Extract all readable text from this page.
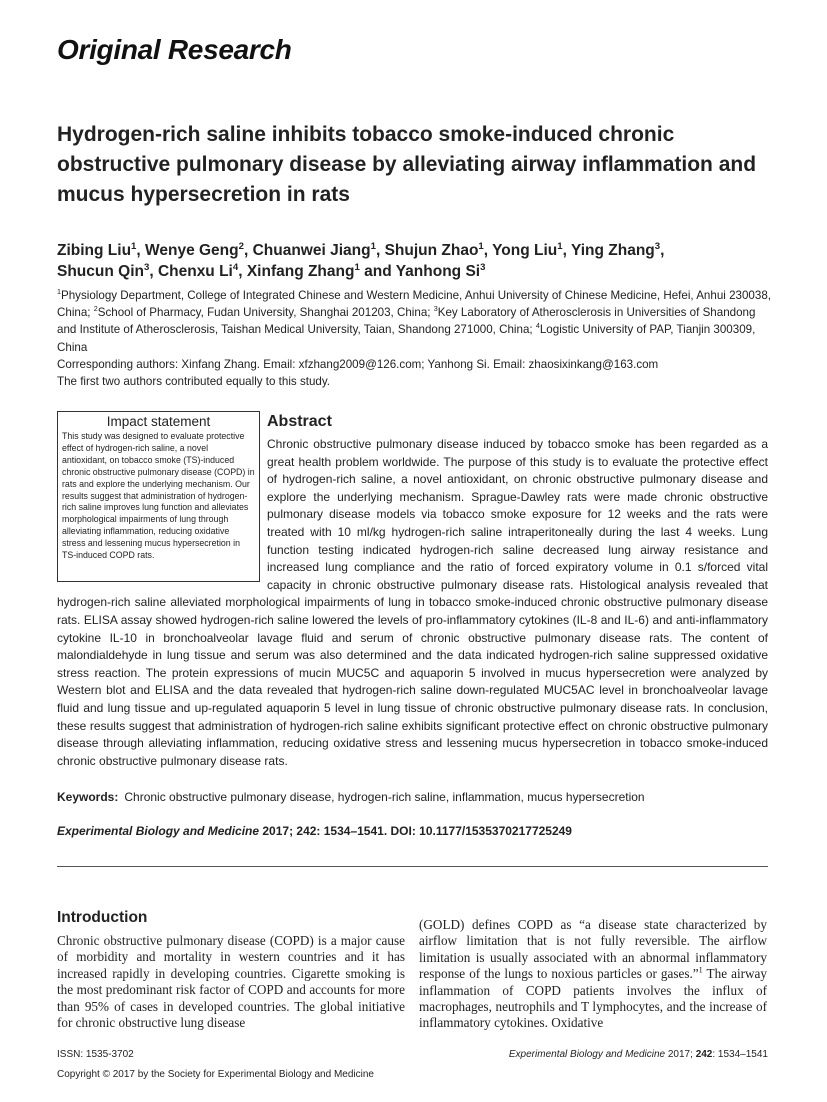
Original Research
Hydrogen-rich saline inhibits tobacco smoke-induced chronic obstructive pulmonary disease by alleviating airway inflammation and mucus hypersecretion in rats
Zibing Liu$^1$, Wenye Geng$^2$, Chuanwei Jiang$^1$, Shujun Zhao$^1$, Yong Liu$^1$, Ying Zhang$^3$,
Shucun Qin$^3$, Chenxu Li$^4$, Xinfang Zhang$^1$ and Yanhong Si$^3$
$^1$Physiology Department, College of Integrated Chinese and Western Medicine, Anhui University of Chinese Medicine, Hefei, Anhui 230038, China; $^2$School of Pharmacy, Fudan University, Shanghai 201203, China; $^3$Key Laboratory of Atherosclerosis in Universities of Shandong and Institute of Atherosclerosis, Taishan Medical University, Taian, Shandong 271000, China; $^4$Logistic University of PAP, Tianjin 300309, China
Corresponding authors: Xinfang Zhang. Email: xfzhang2009@126.com; Yanhong Si. Email: zhaosixinkang@163.com
The first two authors contributed equally to this study.
Impact statement

This study was designed to evaluate protective effect of hydrogen-rich saline, a novel antioxidant, on tobacco smoke (TS)-induced chronic obstructive pulmonary disease (COPD) in rats and explore the underlying mechanism. Our results suggest that administration of hydrogen-rich saline improves lung function and alleviates morphological impairments of lung through alleviating inflammation, reducing oxidative stress and lessening mucus hypersecretion in TS-induced COPD rats.

Abstract

Chronic obstructive pulmonary disease induced by tobacco smoke has been regarded as a great health problem worldwide. The purpose of this study is to evaluate the protective effect of hydrogen-rich saline, a novel antioxidant, on chronic obstructive pulmonary disease and explore the underlying mechanism. Sprague-Dawley rats were made chronic obstructive pulmonary disease models via tobacco smoke exposure for 12 weeks and the rats were treated with 10 ml/kg hydrogen-rich saline intraperitoneally during the last 4 weeks. Lung function testing indicated hydrogen-rich saline decreased lung airway resistance and increased lung compliance and the ratio of forced expiratory volume in 0.1 s/forced vital capacity in chronic obstructive pulmonary disease rats. Histological analysis revealed that hydrogen-rich saline alleviated morphological impairments of lung in tobacco smoke-induced chronic obstructive pulmonary disease rats. ELISA assay showed hydrogen-rich saline lowered the levels of pro-inflammatory cytokines (IL-8 and IL-6) and anti-inflammatory cytokine IL-10 in bronchoalveolar lavage fluid and serum of chronic obstructive pulmonary disease rats. The content of malondialdehyde in lung tissue and serum was also determined and the data indicated hydrogen-rich saline suppressed oxidative stress reaction. The protein expressions of mucin MUC5C and aquaporin 5 involved in mucus hypersecretion were analyzed by Western blot and ELISA and the data revealed that hydrogen-rich saline down-regulated MUC5AC level in bronchoalveolar lavage fluid and lung tissue and up-regulated aquaporin 5 level in lung tissue of chronic obstructive pulmonary disease rats. In conclusion, these results suggest that administration of hydrogen-rich saline exhibits significant protective effect on chronic obstructive pulmonary disease through alleviating inflammation, reducing oxidative stress and lessening mucus hypersecretion in tobacco smoke-induced chronic obstructive pulmonary disease rats.

Keywords: Chronic obstructive pulmonary disease, hydrogen-rich saline, inflammation, mucus hypersecretion
Experimental Biology and Medicine 2017; 242: 1534–1541. DOI: 10.1177/1535370217725249
Introduction

Chronic obstructive pulmonary disease (COPD) is a major cause of morbidity and mortality in western countries and it has increased rapidly in developing countries. Cigarette smoking is the most predominant risk factor of COPD and accounts for more than 95% of cases in developed countries. The global initiative for chronic obstructive lung disease

(GOLD) defines COPD as “a disease state characterized by airflow limitation that is not fully reversible. The airflow limitation is usually associated with an abnormal inflammatory response of the lungs to noxious particles or gases.”$^1$ The airway inflammation of COPD patients involves the influx of macrophages, neutrophils and T lymphocytes, and the increase of inflammatory cytokines. Oxidative

ISSN: 1535-3702	Experimental Biology and Medicine 2017; 242: 1534–1541
Copyright © 2017 by the Society for Experimental Biology and Medicine
